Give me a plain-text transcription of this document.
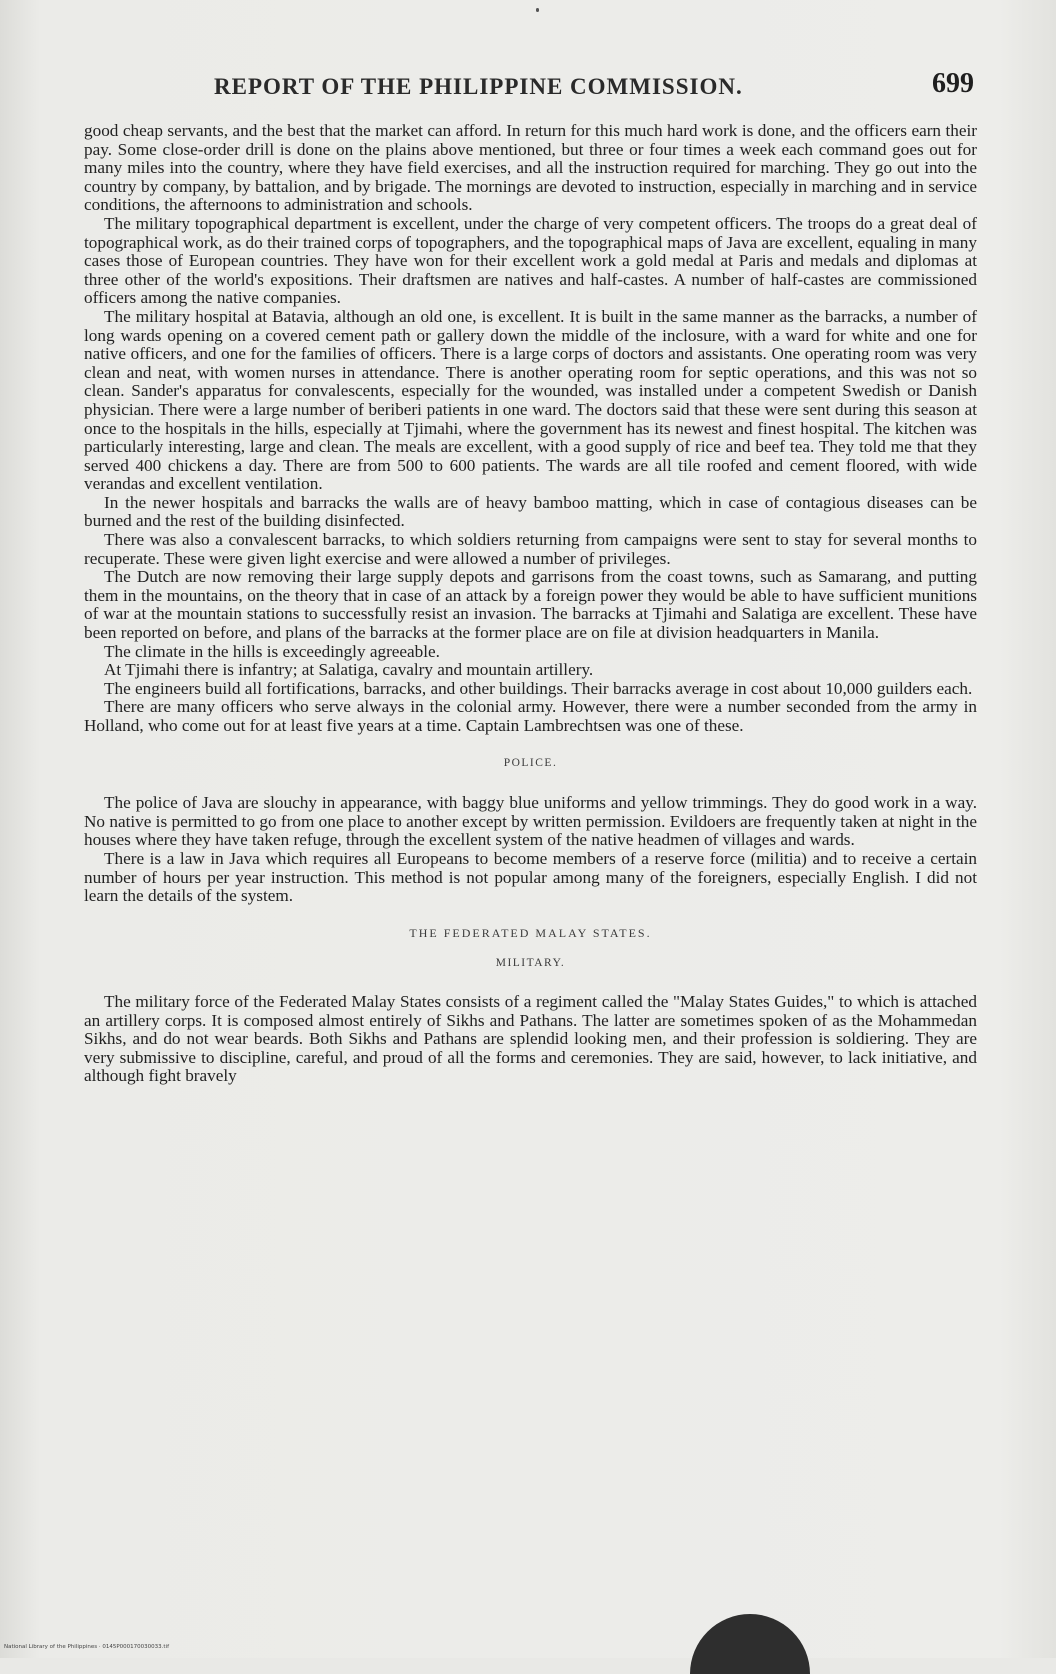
REPORT OF THE PHILIPPINE COMMISSION.	699

good cheap servants, and the best that the market can afford. In return for this much hard work is done, and the officers earn their pay. Some close-order drill is done on the plains above mentioned, but three or four times a week each command goes out for many miles into the country, where they have field exercises, and all the instruction required for marching. They go out into the country by company, by battalion, and by brigade. The mornings are devoted to instruction, especially in marching and in service conditions, the afternoons to administration and schools.

The military topographical department is excellent, under the charge of very competent officers. The troops do a great deal of topographical work, as do their trained corps of topographers, and the topographical maps of Java are excellent, equaling in many cases those of European countries. They have won for their excellent work a gold medal at Paris and medals and diplomas at three other of the world's expositions. Their draftsmen are natives and half-castes. A number of half-castes are commissioned officers among the native companies.

The military hospital at Batavia, although an old one, is excellent. It is built in the same manner as the barracks, a number of long wards opening on a covered cement path or gallery down the middle of the inclosure, with a ward for white and one for native officers, and one for the families of officers. There is a large corps of doctors and assistants. One operating room was very clean and neat, with women nurses in attendance. There is another operating room for septic operations, and this was not so clean. Sander's apparatus for convalescents, especially for the wounded, was installed under a competent Swedish or Danish physician. There were a large number of beriberi patients in one ward. The doctors said that these were sent during this season at once to the hospitals in the hills, especially at Tjimahi, where the government has its newest and finest hospital. The kitchen was particularly interesting, large and clean. The meals are excellent, with a good supply of rice and beef tea. They told me that they served 400 chickens a day. There are from 500 to 600 patients. The wards are all tile roofed and cement floored, with wide verandas and excellent ventilation.

In the newer hospitals and barracks the walls are of heavy bamboo matting, which in case of contagious diseases can be burned and the rest of the building disinfected.

There was also a convalescent barracks, to which soldiers returning from campaigns were sent to stay for several months to recuperate. These were given light exercise and were allowed a number of privileges.

The Dutch are now removing their large supply depots and garrisons from the coast towns, such as Samarang, and putting them in the mountains, on the theory that in case of an attack by a foreign power they would be able to have sufficient munitions of war at the mountain stations to successfully resist an invasion. The barracks at Tjimahi and Salatiga are excellent. These have been reported on before, and plans of the barracks at the former place are on file at division headquarters in Manila.

The climate in the hills is exceedingly agreeable.

At Tjimahi there is infantry; at Salatiga, cavalry and mountain artillery.

The engineers build all fortifications, barracks, and other buildings. Their barracks average in cost about 10,000 guilders each.

There are many officers who serve always in the colonial army. However, there were a number seconded from the army in Holland, who come out for at least five years at a time. Captain Lambrechtsen was one of these.

POLICE.

The police of Java are slouchy in appearance, with baggy blue uniforms and yellow trimmings. They do good work in a way. No native is permitted to go from one place to another except by written permission. Evildoers are frequently taken at night in the houses where they have taken refuge, through the excellent system of the native headmen of villages and wards.

There is a law in Java which requires all Europeans to become members of a reserve force (militia) and to receive a certain number of hours per year instruction. This method is not popular among many of the foreigners, especially English. I did not learn the details of the system.

THE FEDERATED MALAY STATES.
MILITARY.

The military force of the Federated Malay States consists of a regiment called the "Malay States Guides," to which is attached an artillery corps. It is composed almost entirely of Sikhs and Pathans. The latter are sometimes spoken of as the Mohammedan Sikhs, and do not wear beards. Both Sikhs and Pathans are splendid looking men, and their profession is soldiering. They are very submissive to discipline, careful, and proud of all the forms and ceremonies. They are said, however, to lack initiative, and although fight bravely

National Library of the Philippines · 0145P000170030033.tif
